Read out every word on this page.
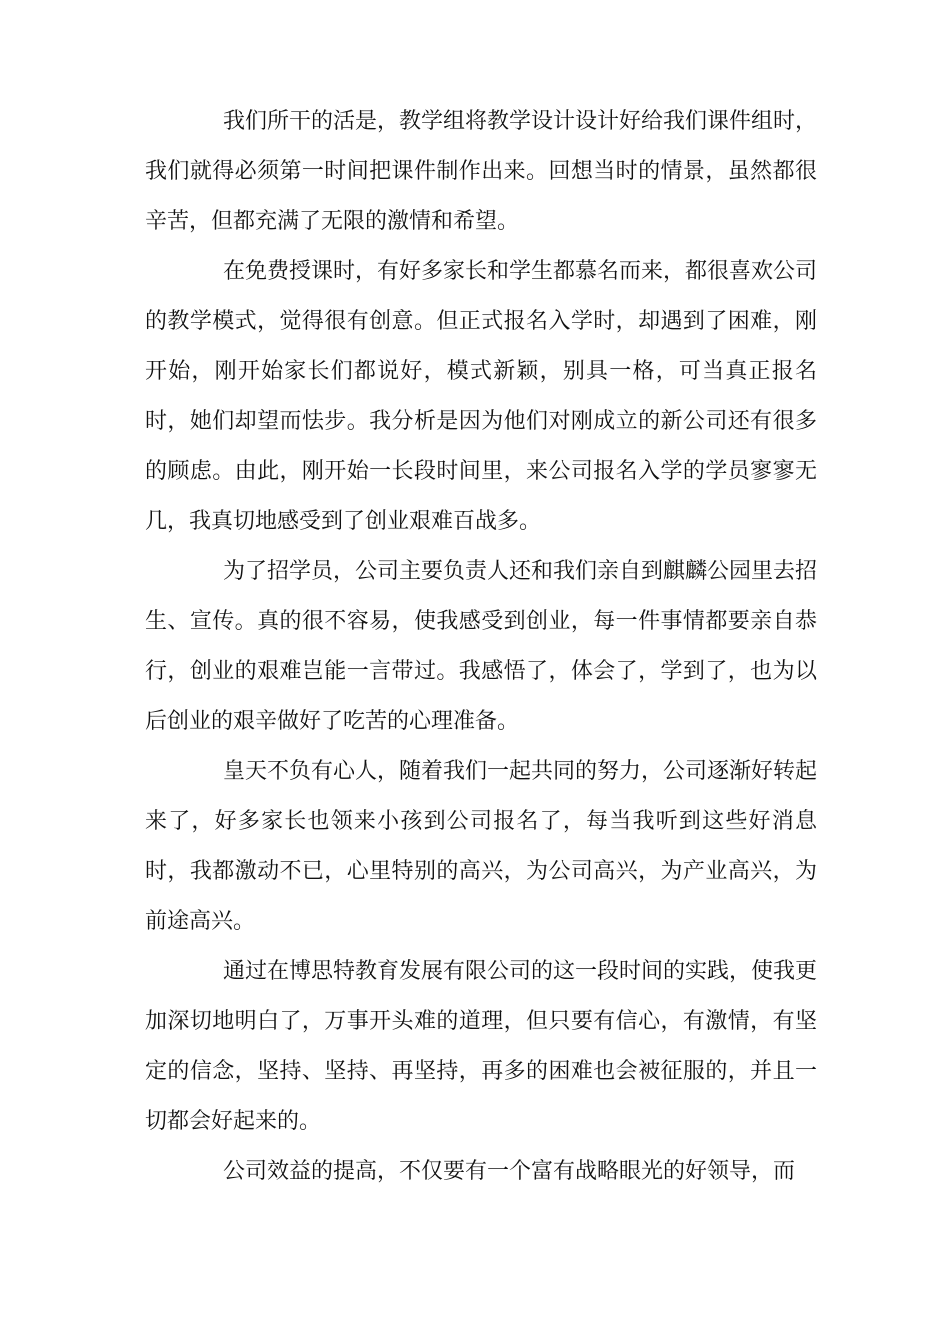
我们所干的活是，教学组将教学设计设计好给我们课件组时，我们就得必须第一时间把课件制作出来。回想当时的情景，虽然都很辛苦，但都充满了无限的激情和希望。

在免费授课时，有好多家长和学生都慕名而来，都很喜欢公司的教学模式，觉得很有创意。但正式报名入学时，却遇到了困难，刚开始，刚开始家长们都说好，模式新颖，别具一格，可当真正报名时，她们却望而怯步。我分析是因为他们对刚成立的新公司还有很多的顾虑。由此，刚开始一长段时间里，来公司报名入学的学员寥寥无几，我真切地感受到了创业艰难百战多。

为了招学员，公司主要负责人还和我们亲自到麒麟公园里去招生、宣传。真的很不容易，使我感受到创业，每一件事情都要亲自恭行，创业的艰难岂能一言带过。我感悟了，体会了，学到了，也为以后创业的艰辛做好了吃苦的心理准备。

皇天不负有心人，随着我们一起共同的努力，公司逐渐好转起来了，好多家长也领来小孩到公司报名了，每当我听到这些好消息时，我都激动不已，心里特别的高兴，为公司高兴，为产业高兴，为前途高兴。

通过在博思特教育发展有限公司的这一段时间的实践，使我更加深切地明白了，万事开头难的道理，但只要有信心，有激情，有坚定的信念，坚持、坚持、再坚持，再多的困难也会被征服的，并且一切都会好起来的。

公司效益的提高，不仅要有一个富有战略眼光的好领导，而
